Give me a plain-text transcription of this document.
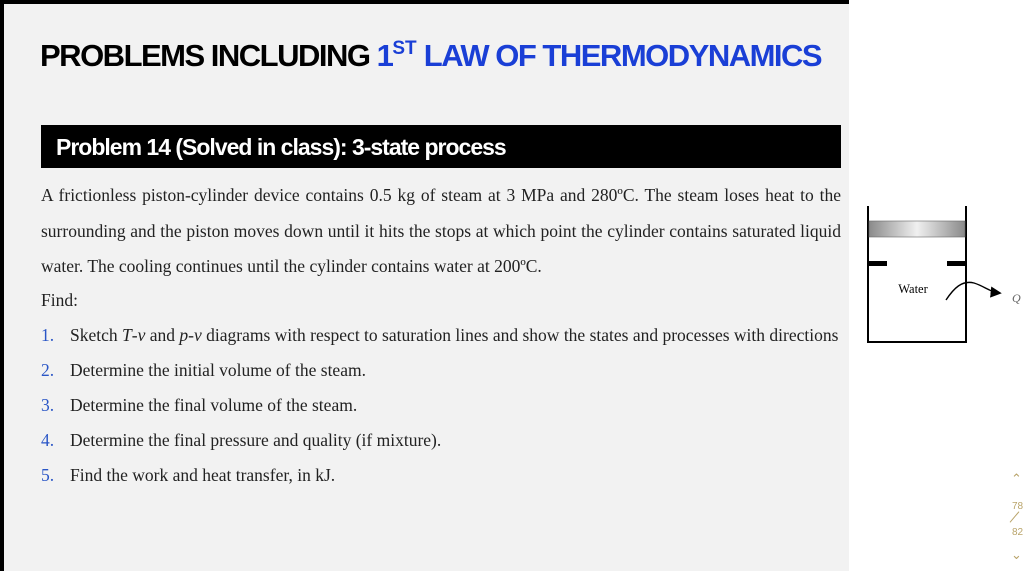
PROBLEMS INCLUDING 1ST LAW OF THERMODYNAMICS
Problem 14 (Solved in class): 3-state process

A frictionless piston-cylinder device contains 0.5 kg of steam at 3 MPa and 280ºC. The steam loses heat to the surrounding and the piston moves down until it hits the stops at which point the cylinder contains saturated liquid water. The cooling continues until the cylinder contains water at 200ºC.

Find:
1. Sketch T-v and p-v diagrams with respect to saturation lines and show the states and processes with directions
2. Determine the initial volume of the steam.
3. Determine the final volume of the steam.
4. Determine the final pressure and quality (if mixture).
5. Find the work and heat transfer, in kJ.
Water
Q
⌃
78
82
⌄
